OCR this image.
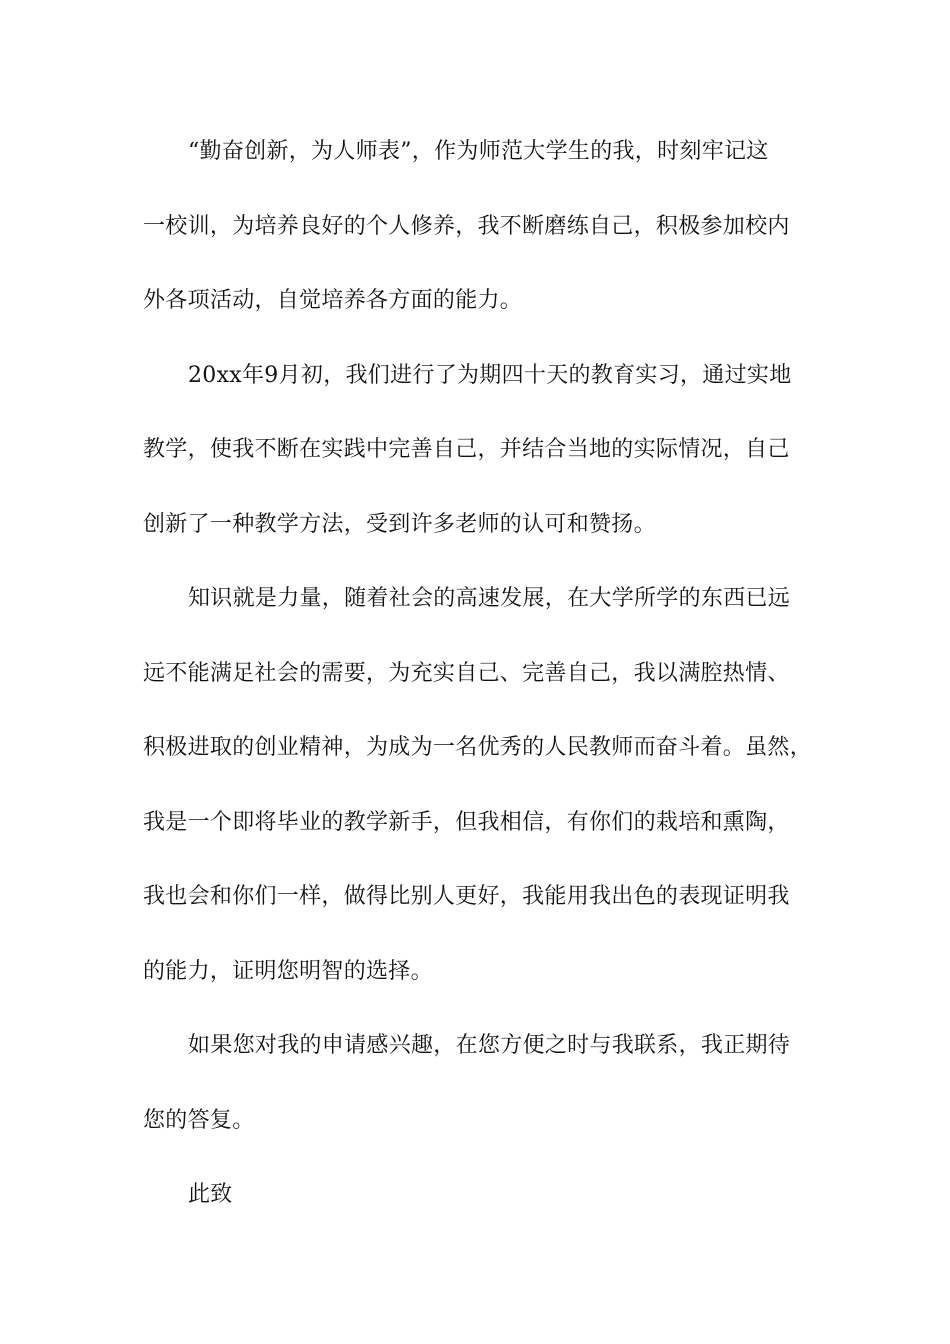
“勤奋创新，为人师表”，作为师范大学生的我，时刻牢记这
一校训，为培养良好的个人修养，我不断磨练自己，积极参加校内
外各项活动，自觉培养各方面的能力。
20xx年9月初，我们进行了为期四十天的教育实习，通过实地
教学，使我不断在实践中完善自己，并结合当地的实际情况，自己
创新了一种教学方法，受到许多老师的认可和赞扬。
知识就是力量，随着社会的高速发展，在大学所学的东西已远
远不能满足社会的需要，为充实自己、完善自己，我以满腔热情、
积极进取的创业精神，为成为一名优秀的人民教师而奋斗着。虽然，
我是一个即将毕业的教学新手，但我相信，有你们的栽培和熏陶，
我也会和你们一样，做得比别人更好，我能用我出色的表现证明我
的能力，证明您明智的选择。
如果您对我的申请感兴趣，在您方便之时与我联系，我正期待
您的答复。
此致
